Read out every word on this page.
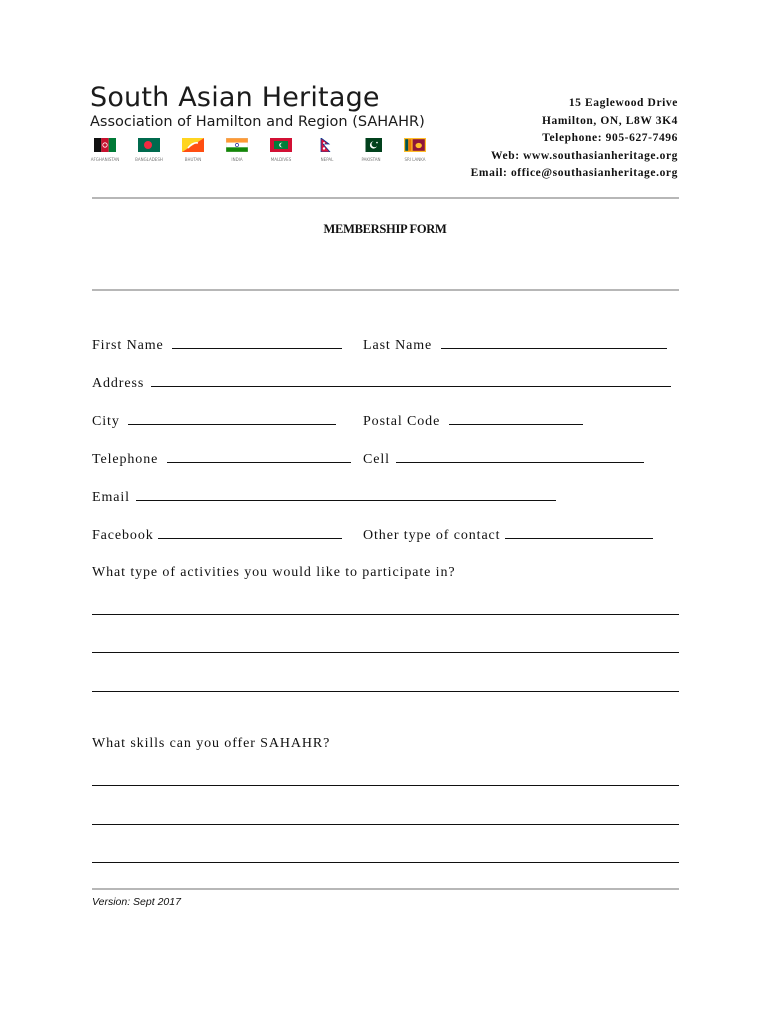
South Asian Heritage
Association of Hamilton and Region (SAHAHR)
AFGHANISTAN	BANGLADESH	BHUTAN	INDIA	MALDIVES	NEPAL	PAKISTAN	SRI LANKA
15 Eaglewood Drive
Hamilton, ON, L8W 3K4
Telephone: 905-627-7496
Web: www.southasianheritage.org
Email: office@southasianheritage.org
MEMBERSHIP FORM
First Name	Last Name
Address
City	Postal Code
Telephone	Cell
Email
Facebook	Other type of contact
What type of activities you would like to participate in?
What skills can you offer SAHAHR?
Version: Sept 2017
